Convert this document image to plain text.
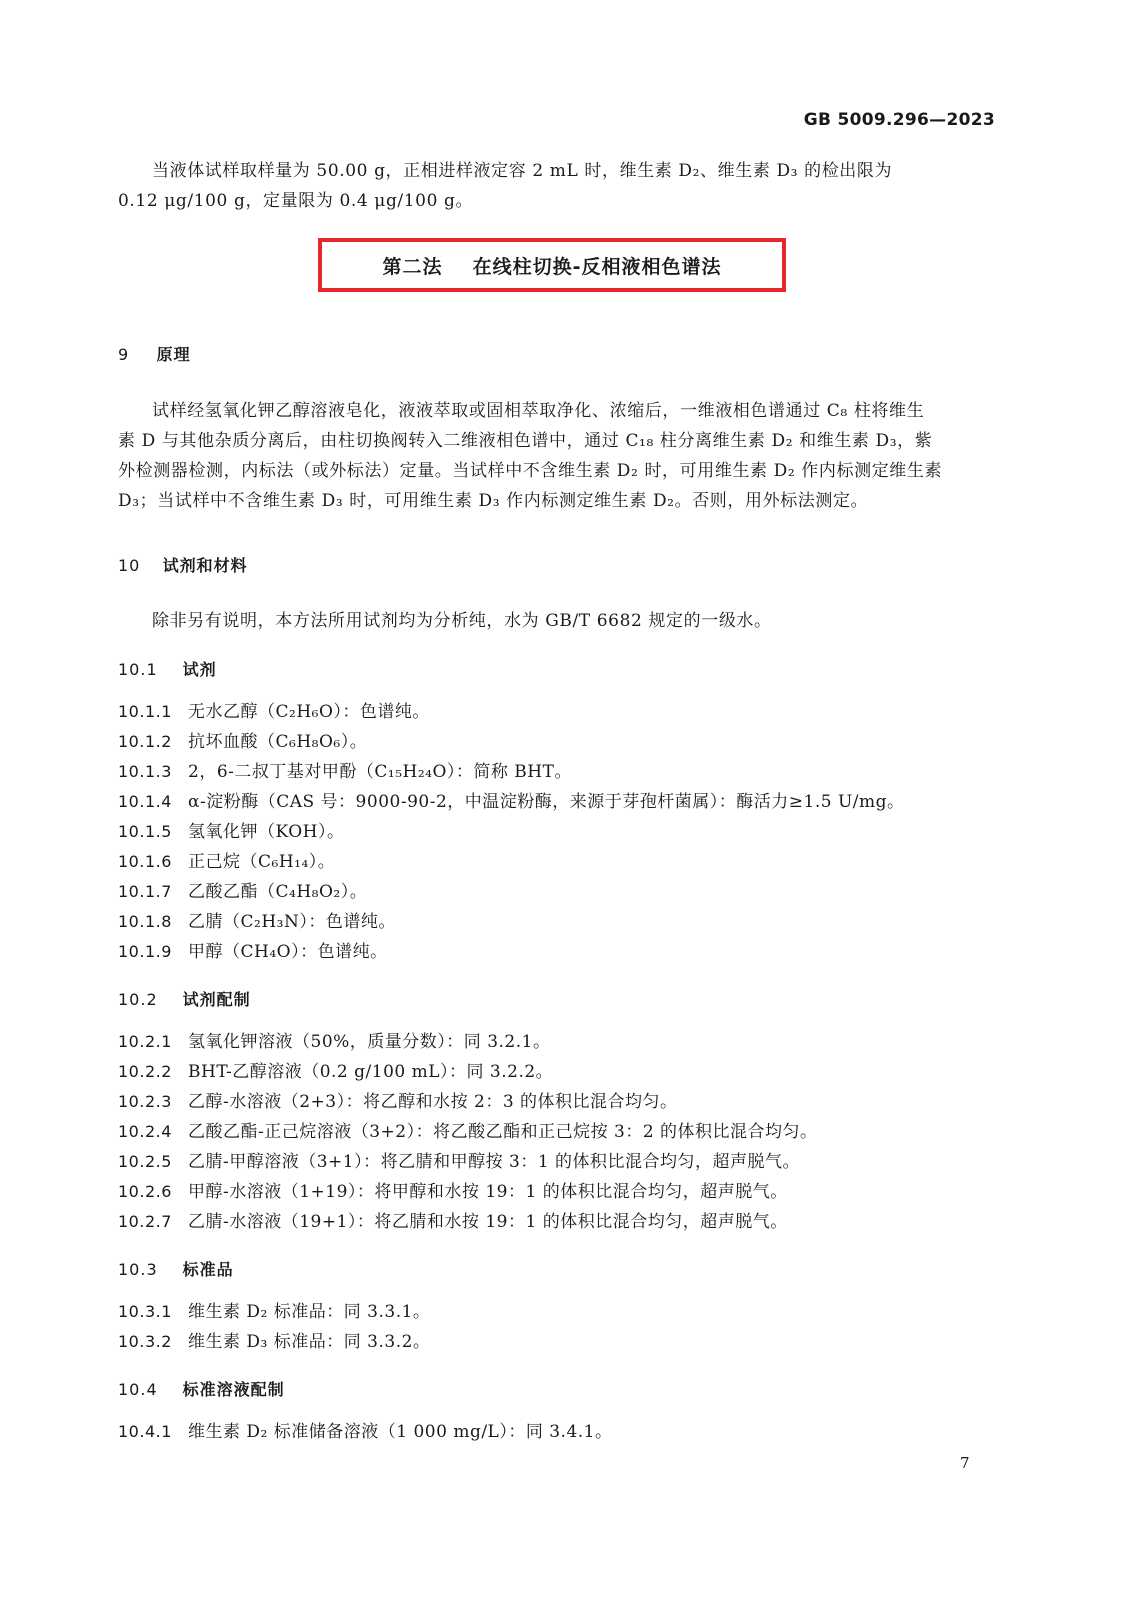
GB 5009.296—2023
当液体试样取样量为 50.00 g，正相进样液定容 2 mL 时，维生素 D₂、维生素 D₃ 的检出限为
0.12 μg/100 g，定量限为 0.4 μg/100 g。
第二法 在线柱切换-反相液相色谱法
9 原理
试样经氢氧化钾乙醇溶液皂化，液液萃取或固相萃取净化、浓缩后，一维液相色谱通过 C₈ 柱将维生
素 D 与其他杂质分离后，由柱切换阀转入二维液相色谱中，通过 C₁₈ 柱分离维生素 D₂ 和维生素 D₃，紫
外检测器检测，内标法（或外标法）定量。当试样中不含维生素 D₂ 时，可用维生素 D₂ 作内标测定维生素
D₃；当试样中不含维生素 D₃ 时，可用维生素 D₃ 作内标测定维生素 D₂。否则，用外标法测定。
10 试剂和材料
除非另有说明，本方法所用试剂均为分析纯，水为 GB/T 6682 规定的一级水。
10.1 试剂
10.1.1 无水乙醇（C₂H₆O）：色谱纯。
10.1.2 抗坏血酸（C₆H₈O₆）。
10.1.3 2，6-二叔丁基对甲酚（C₁₅H₂₄O）：简称 BHT。
10.1.4 α-淀粉酶（CAS 号：9000-90-2，中温淀粉酶，来源于芽孢杆菌属）：酶活力≥1.5 U/mg。
10.1.5 氢氧化钾（KOH）。
10.1.6 正己烷（C₆H₁₄）。
10.1.7 乙酸乙酯（C₄H₈O₂）。
10.1.8 乙腈（C₂H₃N）：色谱纯。
10.1.9 甲醇（CH₄O）：色谱纯。
10.2 试剂配制
10.2.1 氢氧化钾溶液（50%，质量分数）：同 3.2.1。
10.2.2 BHT-乙醇溶液（0.2 g/100 mL）：同 3.2.2。
10.2.3 乙醇-水溶液（2+3）：将乙醇和水按 2：3 的体积比混合均匀。
10.2.4 乙酸乙酯-正己烷溶液（3+2）：将乙酸乙酯和正己烷按 3：2 的体积比混合均匀。
10.2.5 乙腈-甲醇溶液（3+1）：将乙腈和甲醇按 3：1 的体积比混合均匀，超声脱气。
10.2.6 甲醇-水溶液（1+19）：将甲醇和水按 19：1 的体积比混合均匀，超声脱气。
10.2.7 乙腈-水溶液（19+1）：将乙腈和水按 19：1 的体积比混合均匀，超声脱气。
10.3 标准品
10.3.1 维生素 D₂ 标准品：同 3.3.1。
10.3.2 维生素 D₃ 标准品：同 3.3.2。
10.4 标准溶液配制
10.4.1 维生素 D₂ 标准储备溶液（1 000 mg/L）：同 3.4.1。
7
